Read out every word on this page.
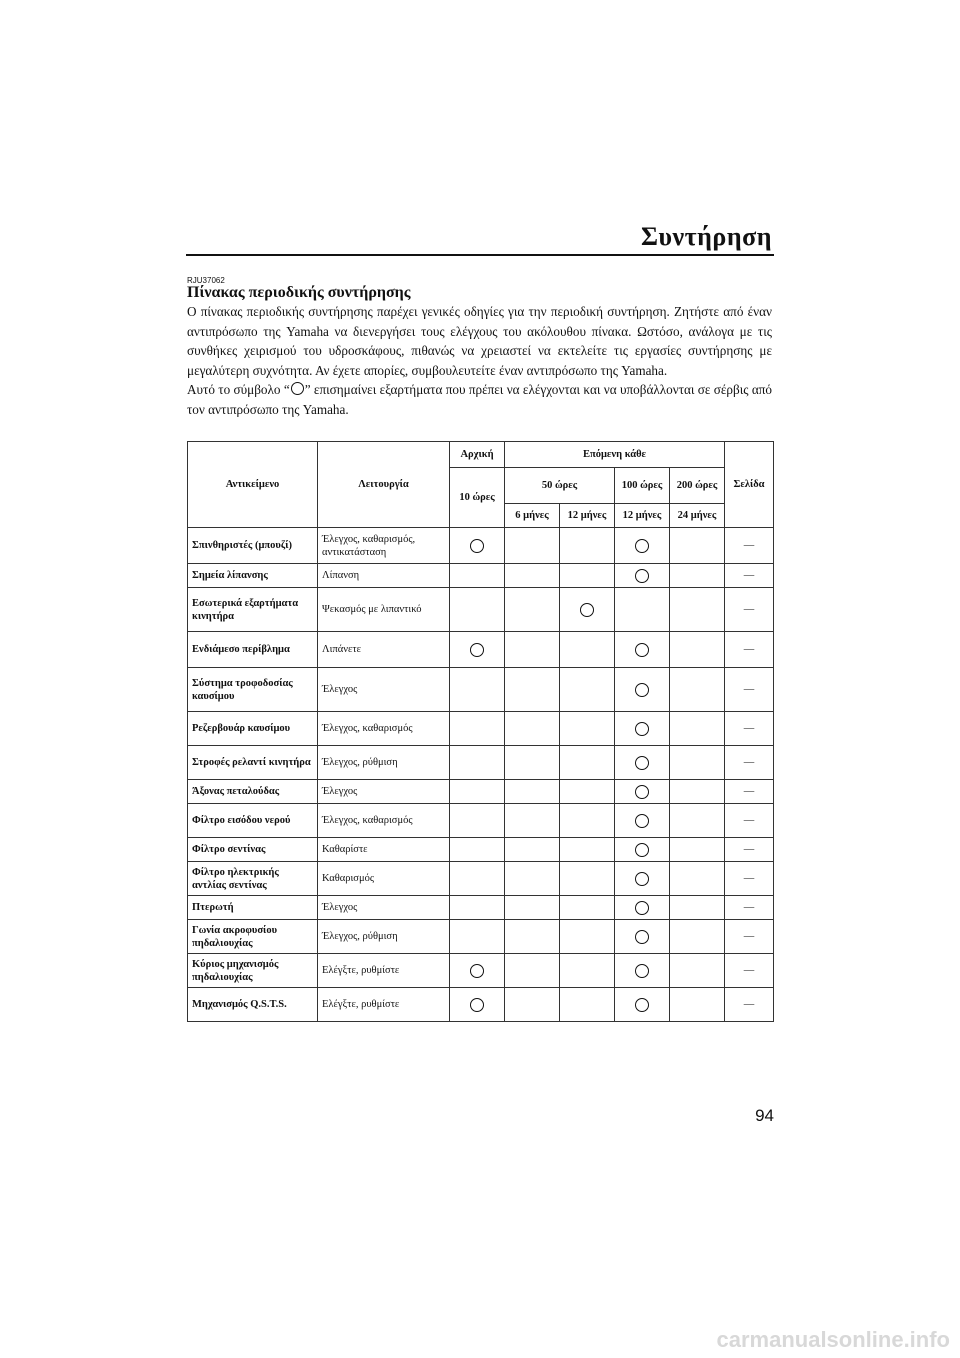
Συντήρηση
RJU37062
Πίνακας περιοδικής συντήρησης

Ο πίνακας περιοδικής συντήρησης παρέχει γενικές οδηγίες για την περιοδική συντήρηση. Ζητήστε από έναν αντιπρόσωπο της Yamaha να διενεργήσει τους ελέγχους του ακόλουθου πίνακα. Ωστόσο, ανάλογα με τις συνθήκες χειρισμού του υδροσκάφους, πιθανώς να χρειαστεί να εκτελείτε τις εργασίες συντήρησης με μεγαλύτερη συχνότητα. Αν έχετε απορίες, συμβουλευτείτε έναν αντιπρόσωπο της Yamaha.

Αυτό το σύμβολο “ ” επισημαίνει εξαρτήματα που πρέπει να ελέγχονται και να υποβάλλονται σε σέρβις από τον αντιπρόσωπο της Yamaha.

Αντικείμενο	Λειτουργία	Αρχική	Επόμενη κάθε				Σελίδα
		10 ώρες	50 ώρες		100 ώρες	200 ώρες	
			6 μήνες	12 μήνες	12 μήνες	24 μήνες	
Σπινθηριστές (μπουζί)	Έλεγχος, καθαρισμός, αντικατάσταση						—
Σημεία λίπανσης	Λίπανση						—
Εσωτερικά εξαρτήματα κινητήρα	Ψεκασμός με λιπαντικό						—
Ενδιάμεσο περίβλημα	Λιπάνετε						—
Σύστημα τροφοδοσίας καυσίμου	Έλεγχος						—
Ρεζερβουάρ καυσίμου	Έλεγχος, καθαρισμός						—
Στροφές ρελαντί κινητήρα	Έλεγχος, ρύθμιση						—
Άξονας πεταλούδας	Έλεγχος						—
Φίλτρο εισόδου νερού	Έλεγχος, καθαρισμός						—
Φίλτρο σεντίνας	Καθαρίστε						—
Φίλτρο ηλεκτρικής αντλίας σεντίνας	Καθαρισμός						—
Πτερωτή	Έλεγχος						—
Γωνία ακροφυσίου πηδαλιουχίας	Έλεγχος, ρύθμιση						—
Κύριος μηχανισμός πηδαλιουχίας	Ελέγξτε, ρυθμίστε						—
Μηχανισμός Q.S.T.S.	Ελέγξτε, ρυθμίστε						—
94
carmanualsonline.info
